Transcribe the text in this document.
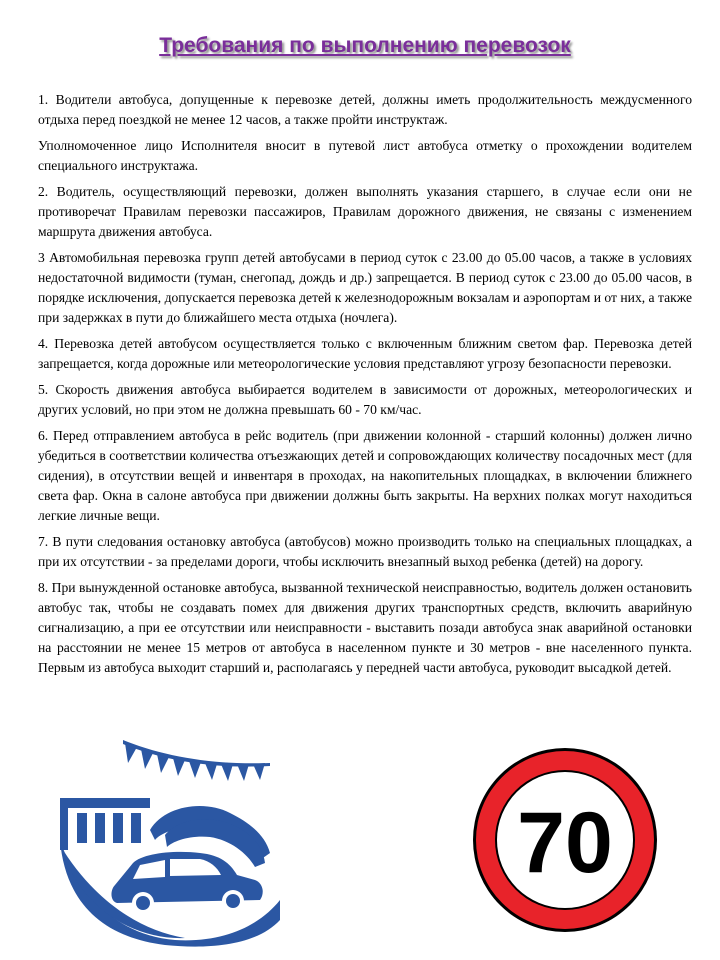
Требования по выполнению перевозок

1. Водители автобуса, допущенные к перевозке детей, должны иметь продолжительность междусменного отдыха перед поездкой не менее 12 часов, а также пройти инструктаж.

Уполномоченное лицо Исполнителя вносит в путевой лист автобуса отметку о прохождении водителем специального инструктажа.

2. Водитель, осуществляющий перевозки, должен выполнять указания старшего, в случае если они не противоречат Правилам перевозки пассажиров, Правилам дорожного движения, не связаны с изменением маршрута движения автобуса.

3 Автомобильная перевозка групп детей автобусами в период суток с 23.00 до 05.00 часов, а также в условиях недостаточной видимости (туман, снегопад, дождь и др.) запрещается. В период суток с 23.00 до 05.00 часов, в порядке исключения, допускается перевозка детей к железнодорожным вокзалам и аэропортам и от них, а также при задержках в пути до ближайшего места отдыха (ночлега).

4. Перевозка детей автобусом осуществляется только с включенным ближним светом фар. Перевозка детей запрещается, когда дорожные или метеорологические условия представляют угрозу безопасности перевозки.

5. Скорость движения автобуса выбирается водителем в зависимости от дорожных, метеорологических и других условий, но при этом не должна превышать 60 - 70 км/час.

6. Перед отправлением автобуса в рейс водитель (при движении колонной - старший колонны) должен лично убедиться в соответствии количества отъезжающих детей и сопровождающих количеству посадочных мест (для сидения), в отсутствии вещей и инвентаря в проходах, на накопительных площадках, в включении ближнего света фар. Окна в салоне автобуса при движении должны быть закрыты. На верхних полках могут находиться легкие личные вещи.

7. В пути следования остановку автобуса (автобусов) можно производить только на специальных площадках, а при их отсутствии - за пределами дороги, чтобы исключить внезапный выход ребенка (детей) на дорогу.

8. При вынужденной остановке автобуса, вызванной технической неисправностью, водитель должен остановить автобус так, чтобы не создавать помех для движения других транспортных средств, включить аварийную сигнализацию, а при ее отсутствии или неисправности - выставить позади автобуса знак аварийной остановки на расстоянии не менее 15 метров от автобуса в населенном пункте и 30 метров - вне населенного пункта. Первым из автобуса выходит старший и, располагаясь у передней части автобуса, руководит высадкой детей.

70
